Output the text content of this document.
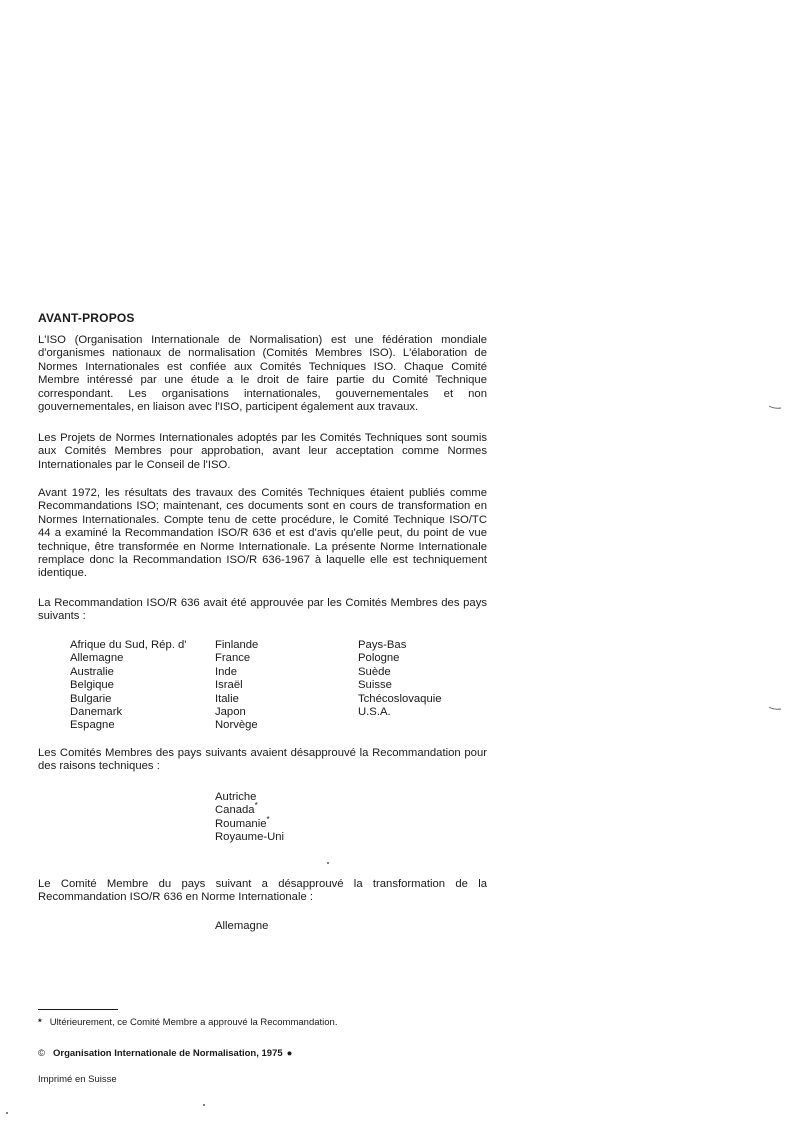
AVANT-PROPOS

L'ISO (Organisation Internationale de Normalisation) est une fédération mondiale d'organismes nationaux de normalisation (Comités Membres ISO). L'élaboration de Normes Internationales est confiée aux Comités Techniques ISO. Chaque Comité Membre intéressé par une étude a le droit de faire partie du Comité Technique correspondant. Les organisations internationales, gouvernementales et non gouvernementales, en liaison avec l'ISO, participent également aux travaux.

Les Projets de Normes Internationales adoptés par les Comités Techniques sont soumis aux Comités Membres pour approbation, avant leur acceptation comme Normes Internationales par le Conseil de l'ISO.

Avant 1972, les résultats des travaux des Comités Techniques étaient publiés comme Recommandations ISO; maintenant, ces documents sont en cours de transformation en Normes Internationales. Compte tenu de cette procédure, le Comité Technique ISO/TC 44 a examiné la Recommandation ISO/R 636 et est d'avis qu'elle peut, du point de vue technique, être transformée en Norme Internationale. La présente Norme Internationale remplace donc la Recommandation ISO/R 636-1967 à laquelle elle est techniquement identique.

La Recommandation ISO/R 636 avait été approuvée par les Comités Membres des pays suivants :

Afrique du Sud, Rép. d'
Allemagne
Australie
Belgique
Bulgarie
Danemark
Espagne
Finlande
France
Inde
Israël
Italie
Japon
Norvège
Pays-Bas
Pologne
Suède
Suisse
Tchécoslovaquie
U.S.A.

Les Comités Membres des pays suivants avaient désapprouvé la Recommandation pour des raisons techniques :

Autriche
Canada*
Roumanie*
Royaume-Uni

Le Comité Membre du pays suivant a désapprouvé la transformation de la Recommandation ISO/R 636 en Norme Internationale :

Allemagne
* Ultérieurement, ce Comité Membre a approuvé la Recommandation.
© Organisation Internationale de Normalisation, 1975 ●
Imprimé en Suisse
